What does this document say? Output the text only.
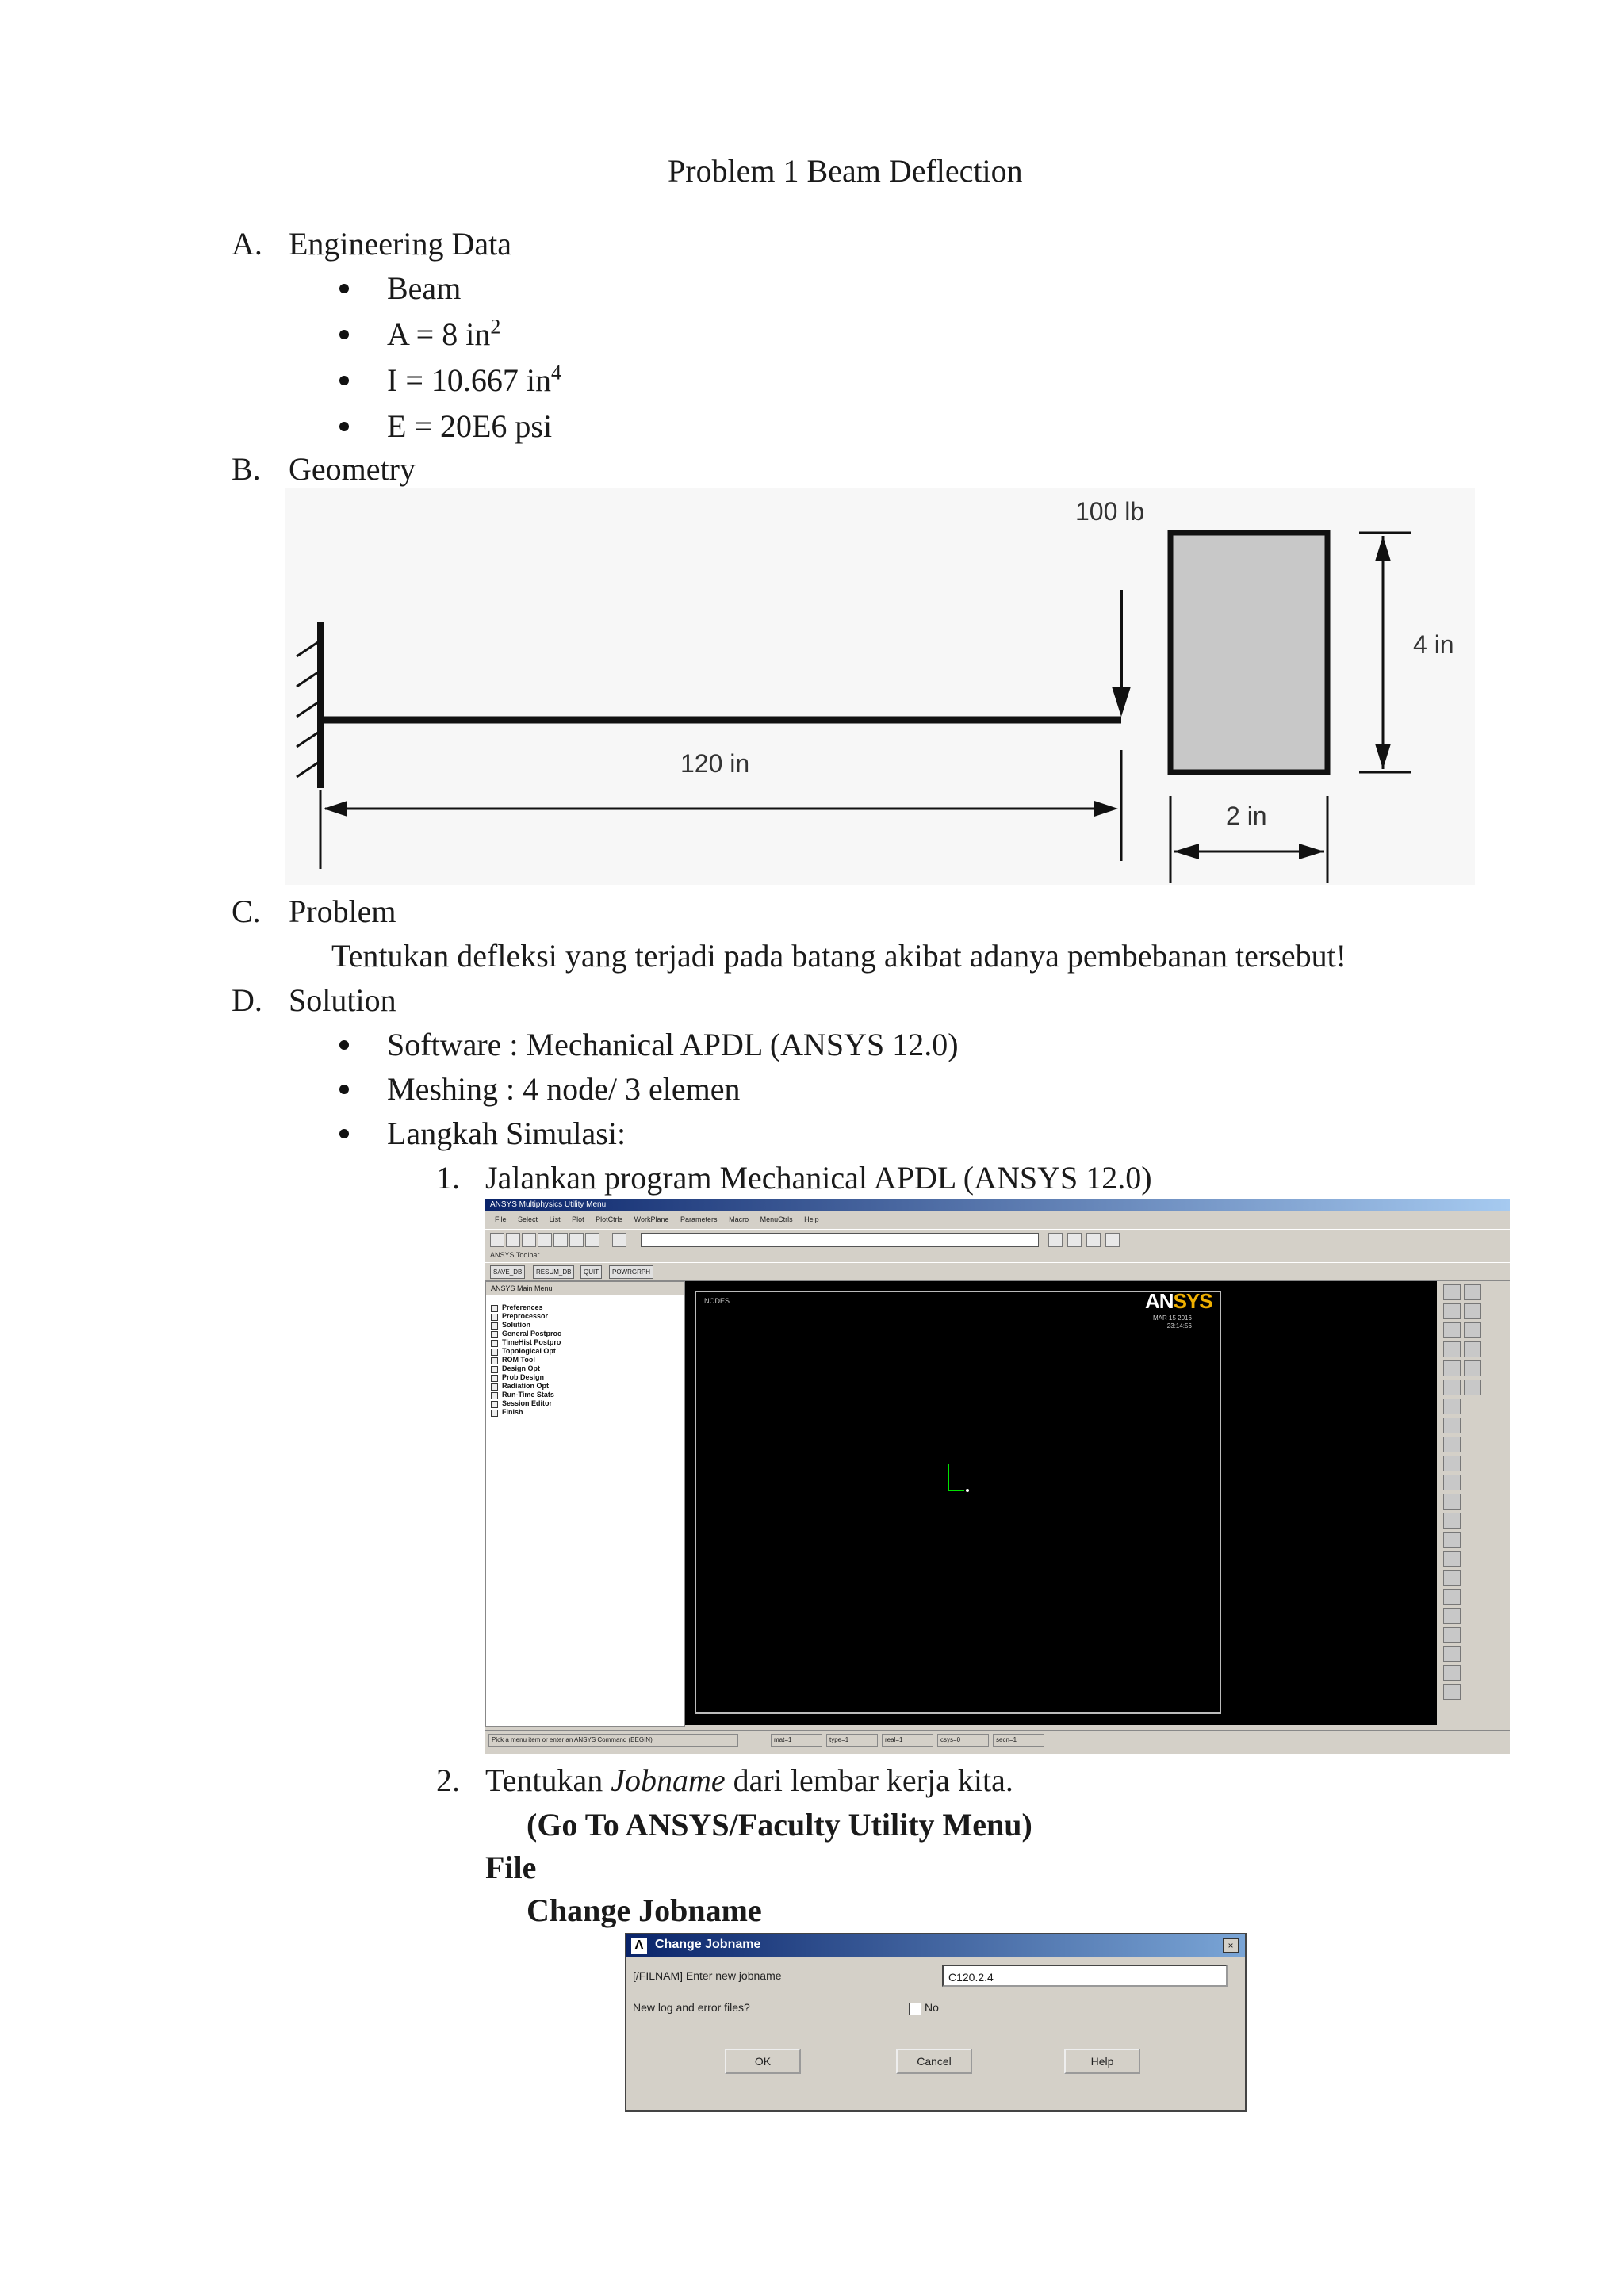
Problem 1 Beam Deflection
A. Engineering Data
Beam
A = 8 $in^2$
I = 10.667 $in^4$
E = 20E6 psi
B. Geometry
100 lb
120 in
4 in
2 in
C. Problem
Tentukan defleksi yang terjadi pada batang akibat adanya pembebanan tersebut!
D. Solution
Software : Mechanical APDL (ANSYS 12.0)
Meshing : 4 node/ 3 elemen
Langkah Simulasi:
1. Jalankan program Mechanical APDL (ANSYS 12.0)
ANSYS Multiphysics Utility Menu
File Select List Plot PlotCtrls WorkPlane Parameters Macro MenuCtrls Help
ANSYS Toolbar
SAVE_DB	RESUM_DB	QUIT	POWRGRPH
ANSYS Main Menu
Preferences
Preprocessor
Solution
General Postproc
TimeHist Postpro
Topological Opt
ROM Tool
Design Opt
Prob Design
Radiation Opt
Run-Time Stats
Session Editor
Finish
NODES	ANSYS
MAR 15 2016
23:14:56
Pick a menu item or enter an ANSYS Command (BEGIN)	mat=1	type=1	real=1	csys=0	secn=1
2. Tentukan Jobname dari lembar kerja kita.
(Go To ANSYS/Faculty Utility Menu)
File
Change Jobname
Λ Change Jobname	×
[/FILNAM] Enter new jobname	C120.2.4
New log and error files?	No
OK	Cancel	Help
